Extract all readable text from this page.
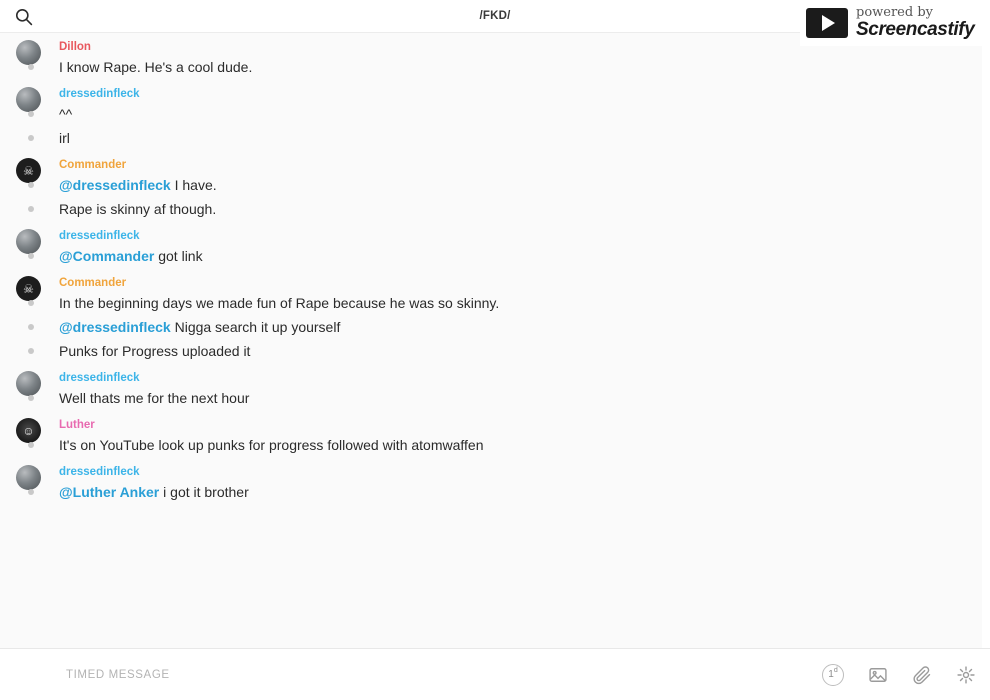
/FKD/	powered by
Screencastify
Dillon
I know Rape. He's a cool dude.
dressedinfleck
^^
irl
☠ Commander
@dressedinfleck I have.
Rape is skinny af though.
dressedinfleck
@Commander got link
☠ Commander
In the beginning days we made fun of Rape because he was so skinny.
@dressedinfleck Nigga search it up yourself
Punks for Progress uploaded it
dressedinfleck
Well thats me for the next hour
☺ Luther
It's on YouTube look up punks for progress followed with atomwaffen
dressedinfleck
@Luther Anker i got it brother
TIMED MESSAGE	1$^d$
